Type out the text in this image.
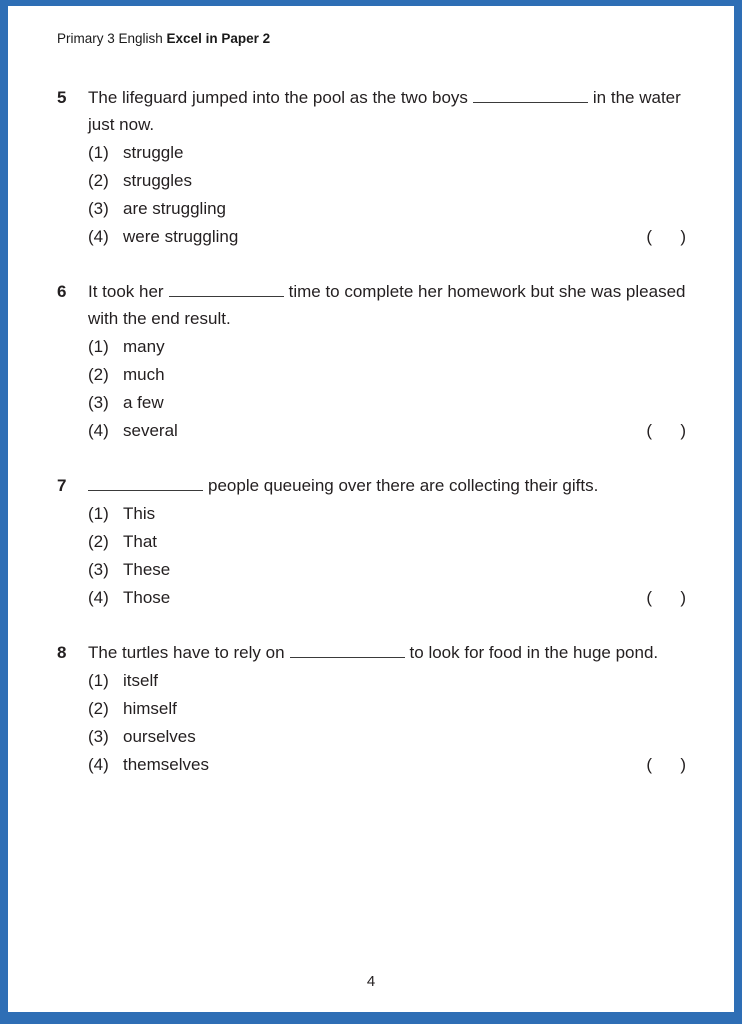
Primary 3 English Excel in Paper 2
5	The lifeguard jumped into the pool as the two boys	in the water just now.
(1) struggle
(2) struggles
(3) are struggling
(4) were struggling	(      )
6	It took her	time to complete her homework but she was pleased with the end result.
(1) many
(2) much
(3) a few
(4) several	(      )
7	people queueing over there are collecting their gifts.
(1) This
(2) That
(3) These
(4) Those	(      )
8	The turtles have to rely on	to look for food in the huge pond.
(1) itself
(2) himself
(3) ourselves
(4) themselves	(      )
4
